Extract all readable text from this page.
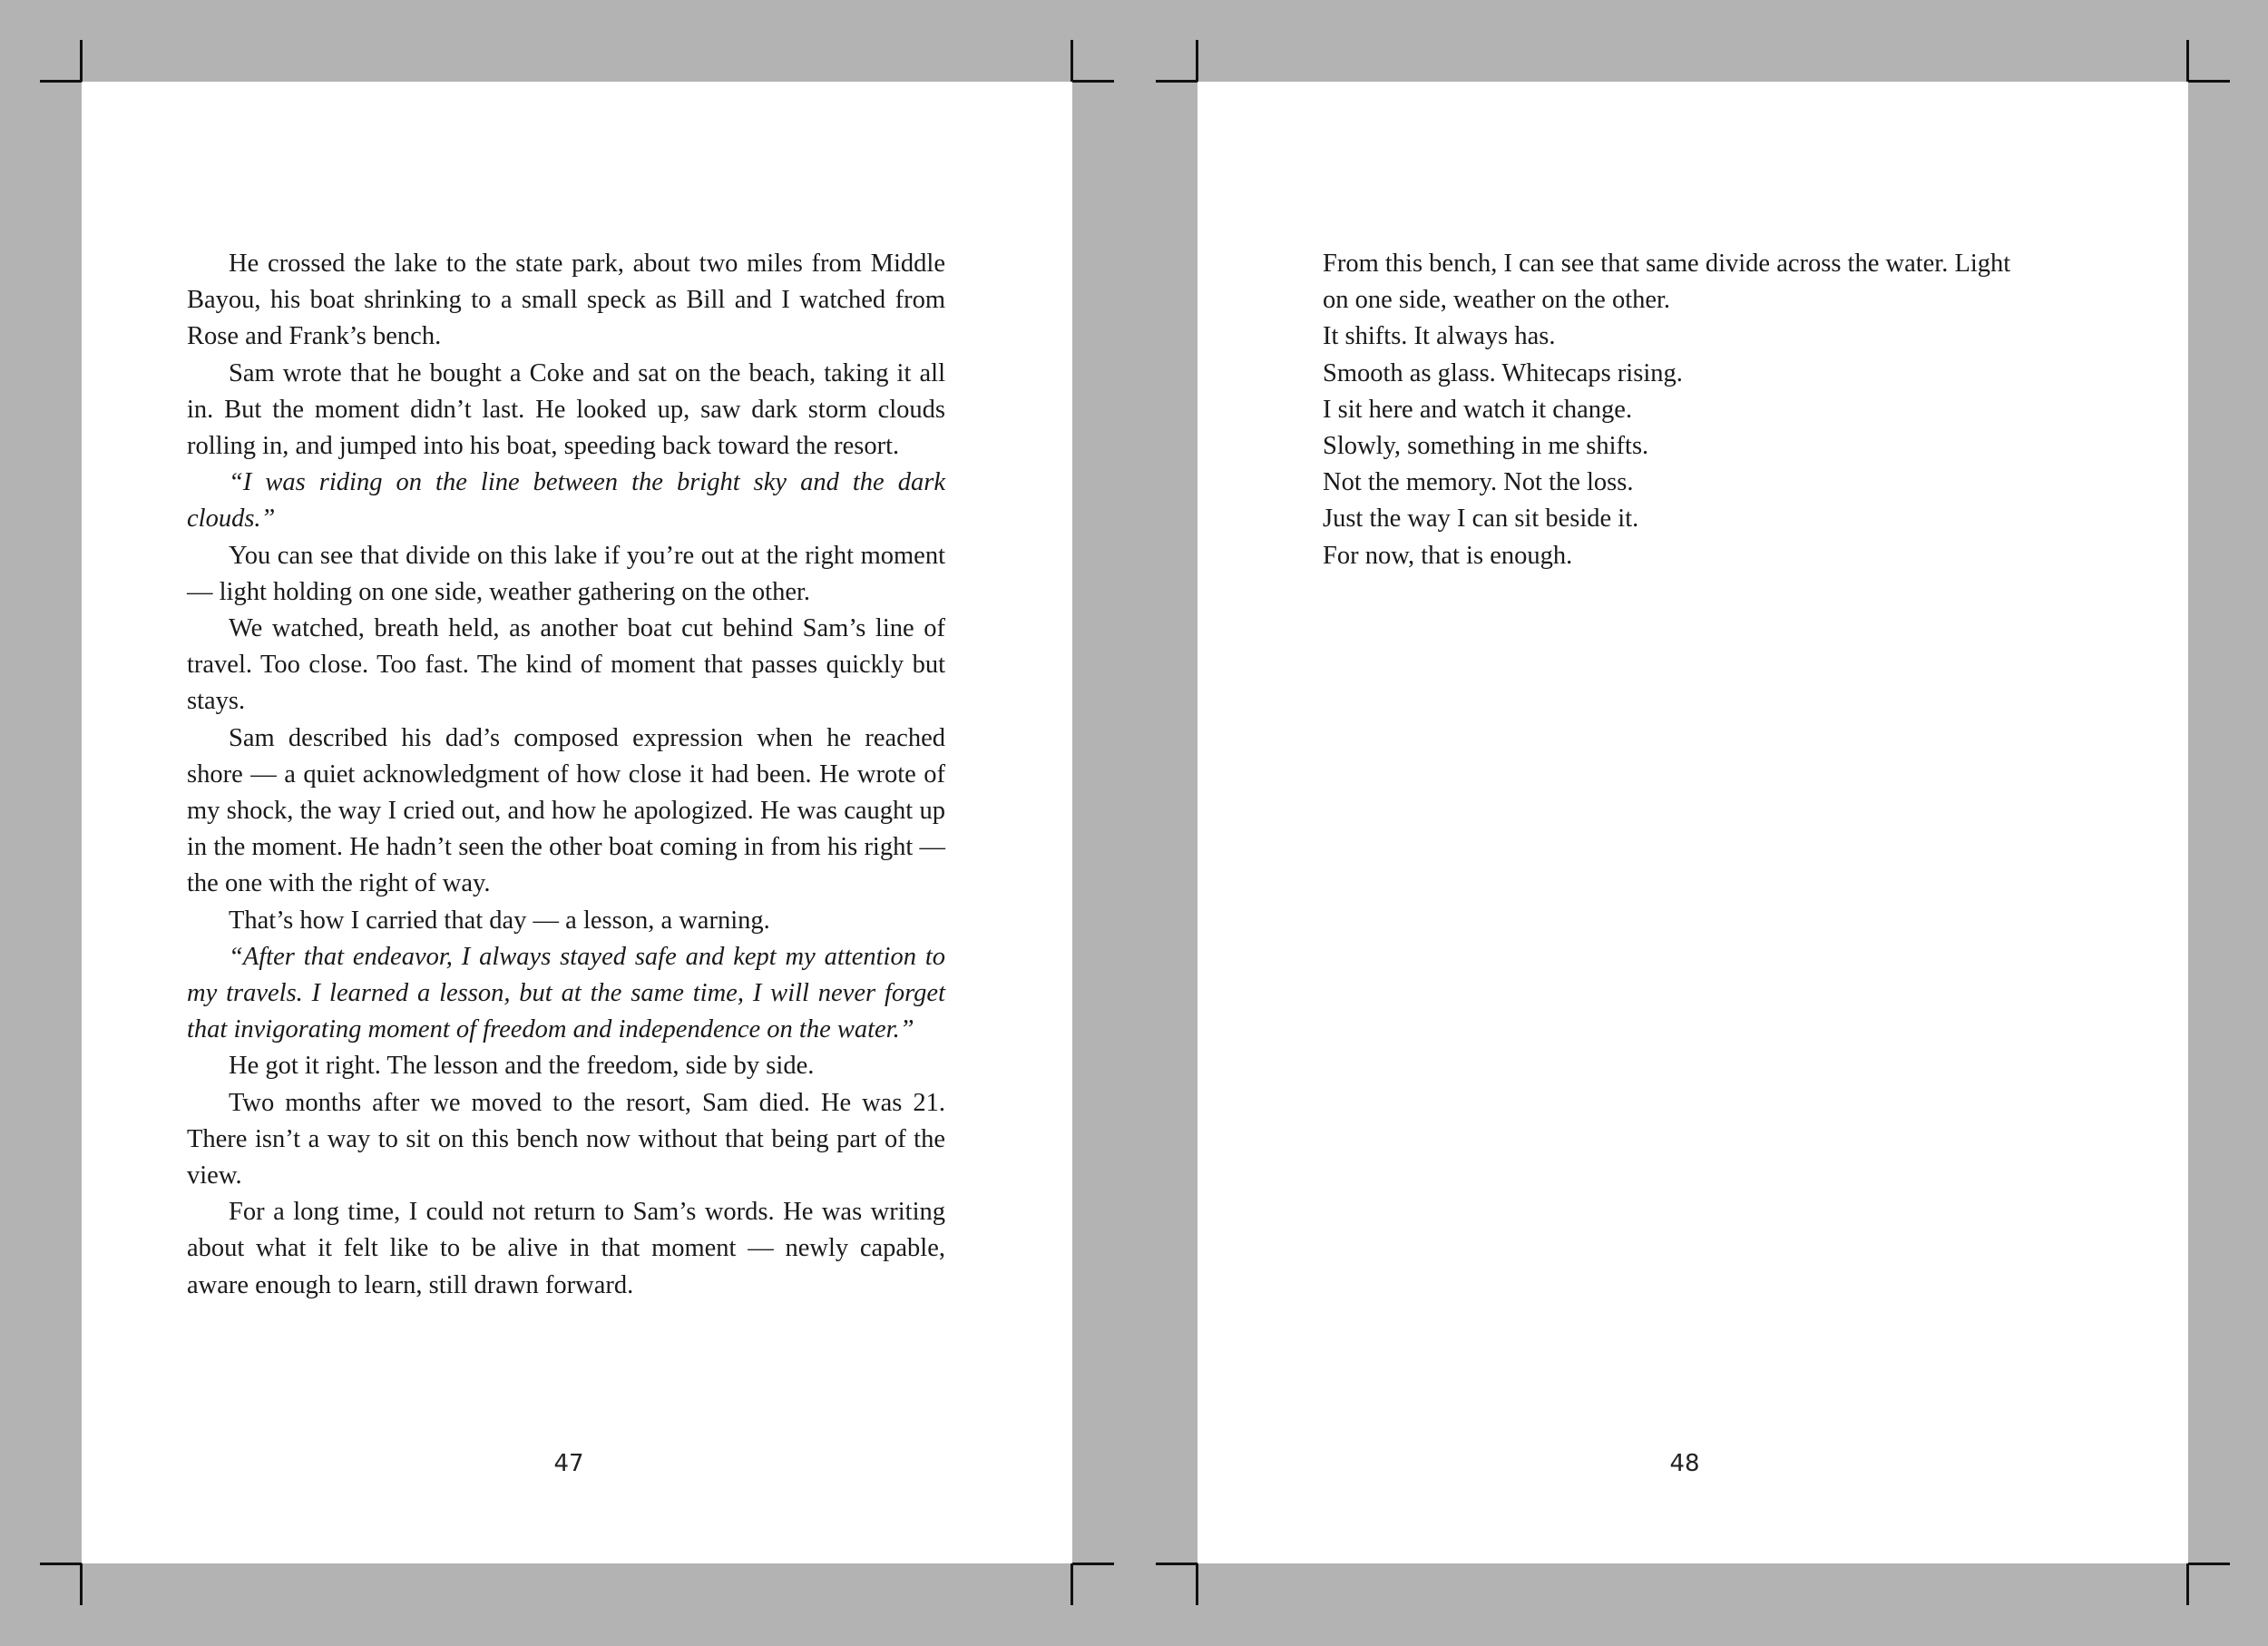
He crossed the lake to the state park, about two miles from Middle Bayou, his boat shrinking to a small speck as Bill and I watched from Rose and Frank’s bench.

Sam wrote that he bought a Coke and sat on the beach, taking it all in. But the moment didn’t last. He looked up, saw dark storm clouds rolling in, and jumped into his boat, speeding back toward the resort.

“I was riding on the line between the bright sky and the dark clouds.”

You can see that divide on this lake if you’re out at the right moment — light holding on one side, weather gathering on the other.

We watched, breath held, as another boat cut behind Sam’s line of travel. Too close. Too fast. The kind of moment that passes quickly but stays.

Sam described his dad’s composed expression when he reached shore — a quiet acknowledgment of how close it had been. He wrote of my shock, the way I cried out, and how he apologized. He was caught up in the moment. He hadn’t seen the other boat coming in from his right — the one with the right of way.

That’s how I carried that day — a lesson, a warning.

“After that endeavor, I always stayed safe and kept my attention to my travels. I learned a lesson, but at the same time, I will never forget that invigorating moment of freedom and independence on the water.”

He got it right. The lesson and the freedom, side by side.

Two months after we moved to the resort, Sam died. He was 21. There isn’t a way to sit on this bench now without that being part of the view.

For a long time, I could not return to Sam’s words. He was writing about what it felt like to be alive in that moment — newly capable, aware enough to learn, still drawn forward.

47

From this bench, I can see that same divide across the water. Light

on one side, weather on the other.

It shifts. It always has.

Smooth as glass. Whitecaps rising.

I sit here and watch it change.

Slowly, something in me shifts.

Not the memory. Not the loss.

Just the way I can sit beside it.

For now, that is enough.

48
